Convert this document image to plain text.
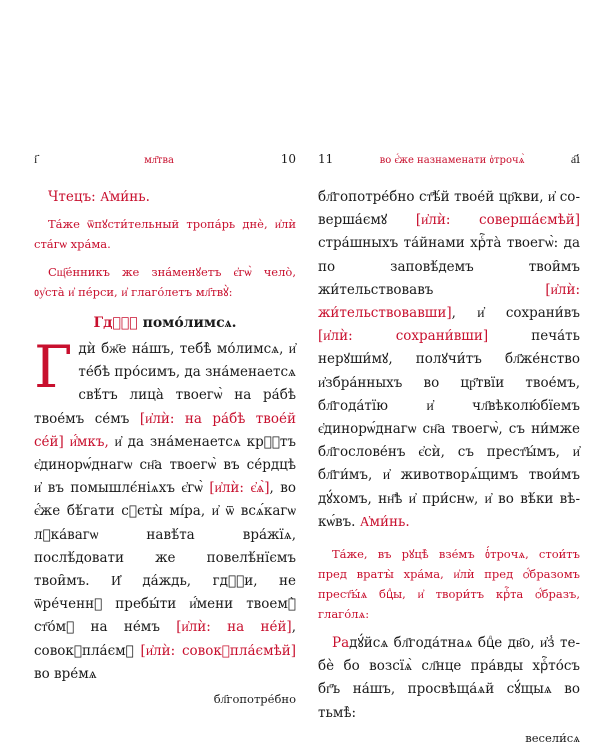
і҃	мл҃тва	10

Чтецъ: А҆ми́нь.

Та́же ѿпꙋсти́тельный тропа́рь днѐ, и҆лѝ ста́гѡ хра́ма.

Сщ҃е́нникъ же зна́менꙋетъ є҆гѡ̀ чело̀, ᲂу҆ста̀ и҆ пе́рси, и҆ глаго́летъ мл҃твꙋ̀:

Гдⷭ҇ꙋ помо́лимсѧ.

Гдѝ бж҃е на́шъ, тебѣ̀ мо́лимсѧ, и҆ те́бѣ про́симъ, да зна́менаетсѧ свѣ́тъ лица̀ твоегѡ̀ на ра́бѣ твое́мъ се́мъ [и҆лѝ: на ра́бѣ твое́й се́й] и҆́мкъ, и҆ да зна́менаетсѧ крⷭ҇тъ є҆динорѡ́днагѡ сн҃а твоегѡ̀ въ се́рдцѣ и҆ въ помышлє́ніѧхъ є҆гѡ̀ [и҆лѝ: є҆ѧ̀], во є҆́же бѣ́гати сꙋєты̀ мі́ра, и҆ ѿ всѧ́кагѡ лꙋка́вагѡ навѣ́та вра́жїѧ, послѣ́довати же повелѣ́нїємъ твои̑мъ. И҆ да́ждь, гдⷭ҇и, не ѿре́ченнꙋ пребы́ти и҆́мени твоемꙋ̀ ст҃о́мꙋ на не́мъ [и҆лѝ: на не́й], совокꙋпла́ємꙋ [и҆лѝ: совокꙋпла́ємѣй] во вре́мѧ

бл҃гопотре́бно
11	во є҆́же назнаменати ᲂ҆трочѧ̀	а҃і

бл҃гопотре́бно ст҃ѣ́й твое́й цр҃кви, и҆ соверша́ємꙋ [и҆лѝ: соверша́ємѣй] стра́шныхъ та́йнами хрⷭ҇та̀ твоегѡ̀: да по заповѣ́демъ твои̑мъ жи́тельствовавъ [и҆лѝ: жи́тельствовавши], и҆ сохрани́въ [и҆лѝ: сохрани́вши] печа́ть нерꙋши́мꙋ, полꙋчи́тъ бл҃же́нство и҆збра́нныхъ во цр҃твїи твое́мъ, бл҃года́тїю и҆ чл҃вѣколю́бїемъ є҆динорѡ́днагѡ сн҃а твоегѡ̀, съ ни́мже бл҃гослове́нъ є҆сѝ, съ прест҃ы́мъ, и҆ бл҃ги́мъ, и҆ животворѧ́щимъ твои́мъ дꙋ́хомъ, нн҃ѣ и҆ при́снѡ, и҆ во вѣ́ки вѣкѡ́въ. А҆ми́нь.

Та́же, въ рꙋцѣ̀ взе́мъ ᲂ҆́трочѧ, стои́тъ пред вратꙑ̀ хра́ма, и҆лѝ пред ѻ҆́бразомъ прест҃ы́ѧ бцⷣы, и҆ твори́тъ крⷭ҇та ѻ҆́бразъ, глаго́лѧ:

Радꙋ́йсѧ бл҃года́тнаѧ бцⷣе дв҃о, и҆з̾ тебѐ бо возсїѧ̀ сл҃нце пра́вды хрⷭ҇то́съ бг҃ъ на́шъ, просвѣща́ѧй сꙋ́щыѧ во тьмѣ̀:

весели́сѧ
